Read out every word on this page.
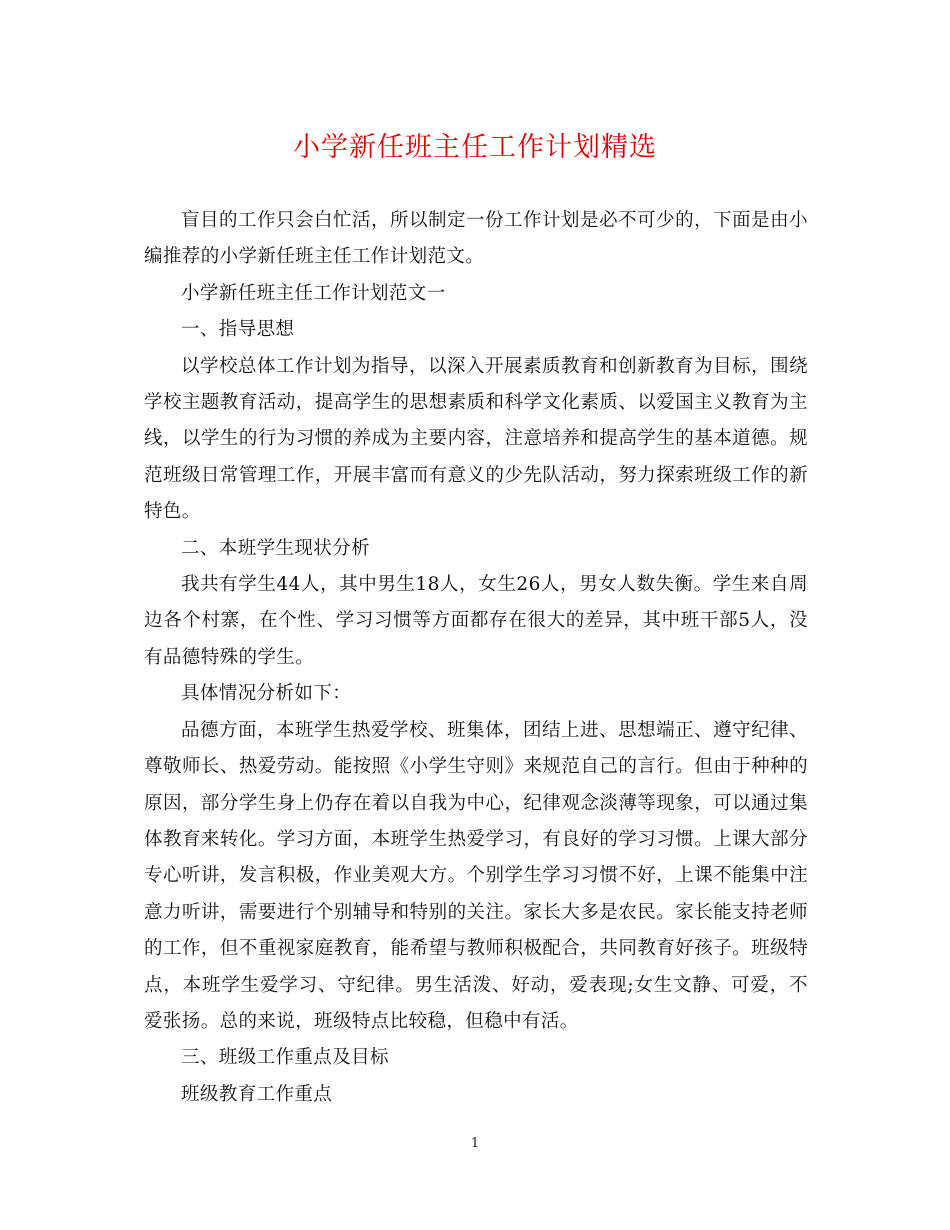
小学新任班主任工作计划精选

盲目的工作只会白忙活，所以制定一份工作计划是必不可少的，下面是由小编推荐的小学新任班主任工作计划范文。

小学新任班主任工作计划范文一

一、指导思想

以学校总体工作计划为指导，以深入开展素质教育和创新教育为目标，围绕学校主题教育活动，提高学生的思想素质和科学文化素质、以爱国主义教育为主线，以学生的行为习惯的养成为主要内容，注意培养和提高学生的基本道德。规范班级日常管理工作，开展丰富而有意义的少先队活动，努力探索班级工作的新特色。

二、本班学生现状分析

我共有学生44人，其中男生18人，女生26人，男女人数失衡。学生来自周边各个村寨，在个性、学习习惯等方面都存在很大的差异，其中班干部5人，没有品德特殊的学生。

具体情况分析如下：

品德方面，本班学生热爱学校、班集体，团结上进、思想端正、遵守纪律、尊敬师长、热爱劳动。能按照《小学生守则》来规范自己的言行。但由于种种的原因，部分学生身上仍存在着以自我为中心，纪律观念淡薄等现象，可以通过集体教育来转化。学习方面，本班学生热爱学习，有良好的学习习惯。上课大部分专心听讲，发言积极，作业美观大方。个别学生学习习惯不好，上课不能集中注意力听讲，需要进行个别辅导和特别的关注。家长大多是农民。家长能支持老师的工作，但不重视家庭教育，能希望与教师积极配合，共同教育好孩子。班级特点，本班学生爱学习、守纪律。男生活泼、好动，爱表现;女生文静、可爱，不爱张扬。总的来说，班级特点比较稳，但稳中有活。

三、班级工作重点及目标

班级教育工作重点

1
